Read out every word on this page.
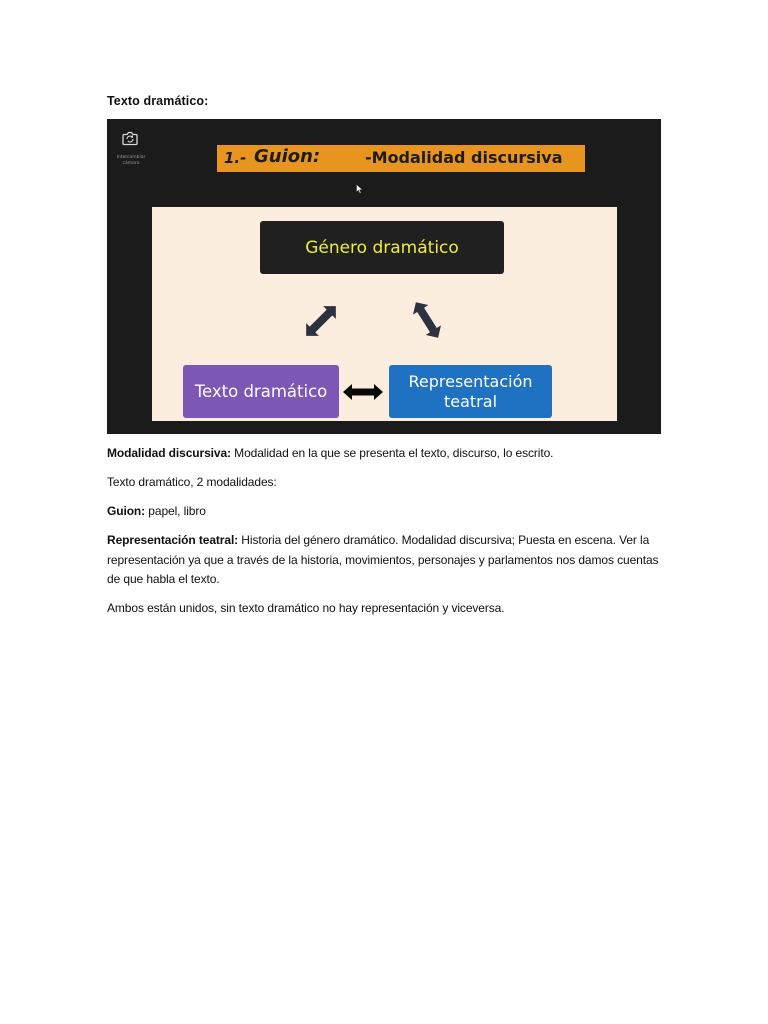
Texto dramático:
Intercambiar cámara	1.- Guion:	-Modalidad discursiva
Género dramático
Texto dramático
Representación teatral
Modalidad discursiva: Modalidad en la que se presenta el texto, discurso, lo escrito.
Texto dramático, 2 modalidades:
Guion: papel, libro
Representación teatral: Historia del género dramático. Modalidad discursiva; Puesta en escena. Ver la representación ya que a través de la historia, movimientos, personajes y parlamentos nos damos cuentas de que habla el texto.
Ambos están unidos, sin texto dramático no hay representación y viceversa.
